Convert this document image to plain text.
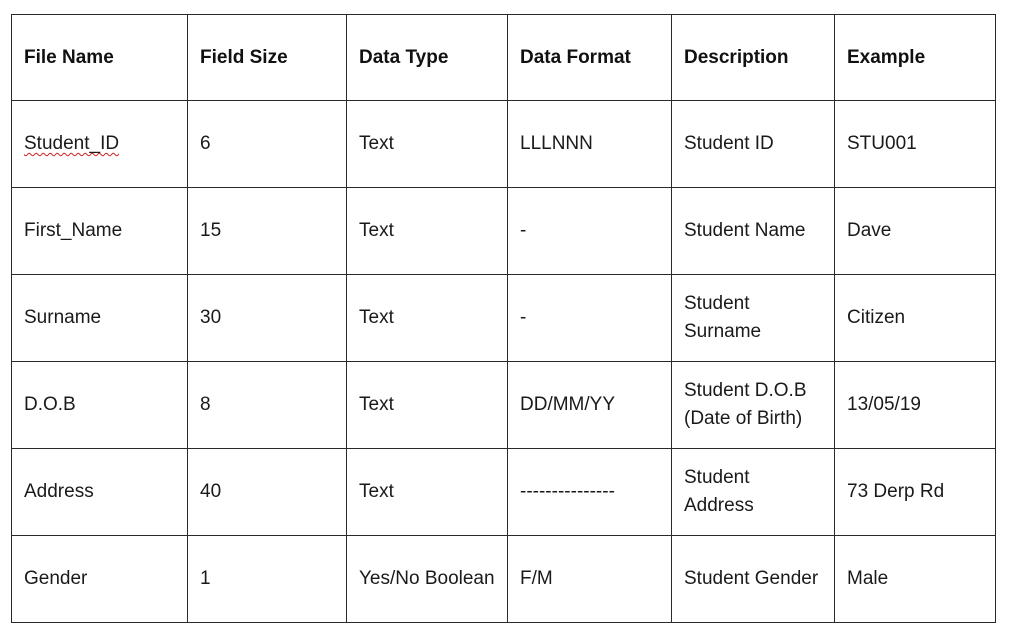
File Name	Field Size	Data Type	Data Format	Description	Example
Student_ID	6	Text	LLLNNN	Student ID	STU001
First_Name	15	Text	-	Student Name	Dave
Surname	30	Text	-	Student Surname	Citizen
D.O.B	8	Text	DD/MM/YY	Student D.O.B (Date of Birth)	13/05/19
Address	40	Text	---------------	Student Address	73 Derp Rd
Gender	1	Yes/No Boolean	F/M	Student Gender	Male
